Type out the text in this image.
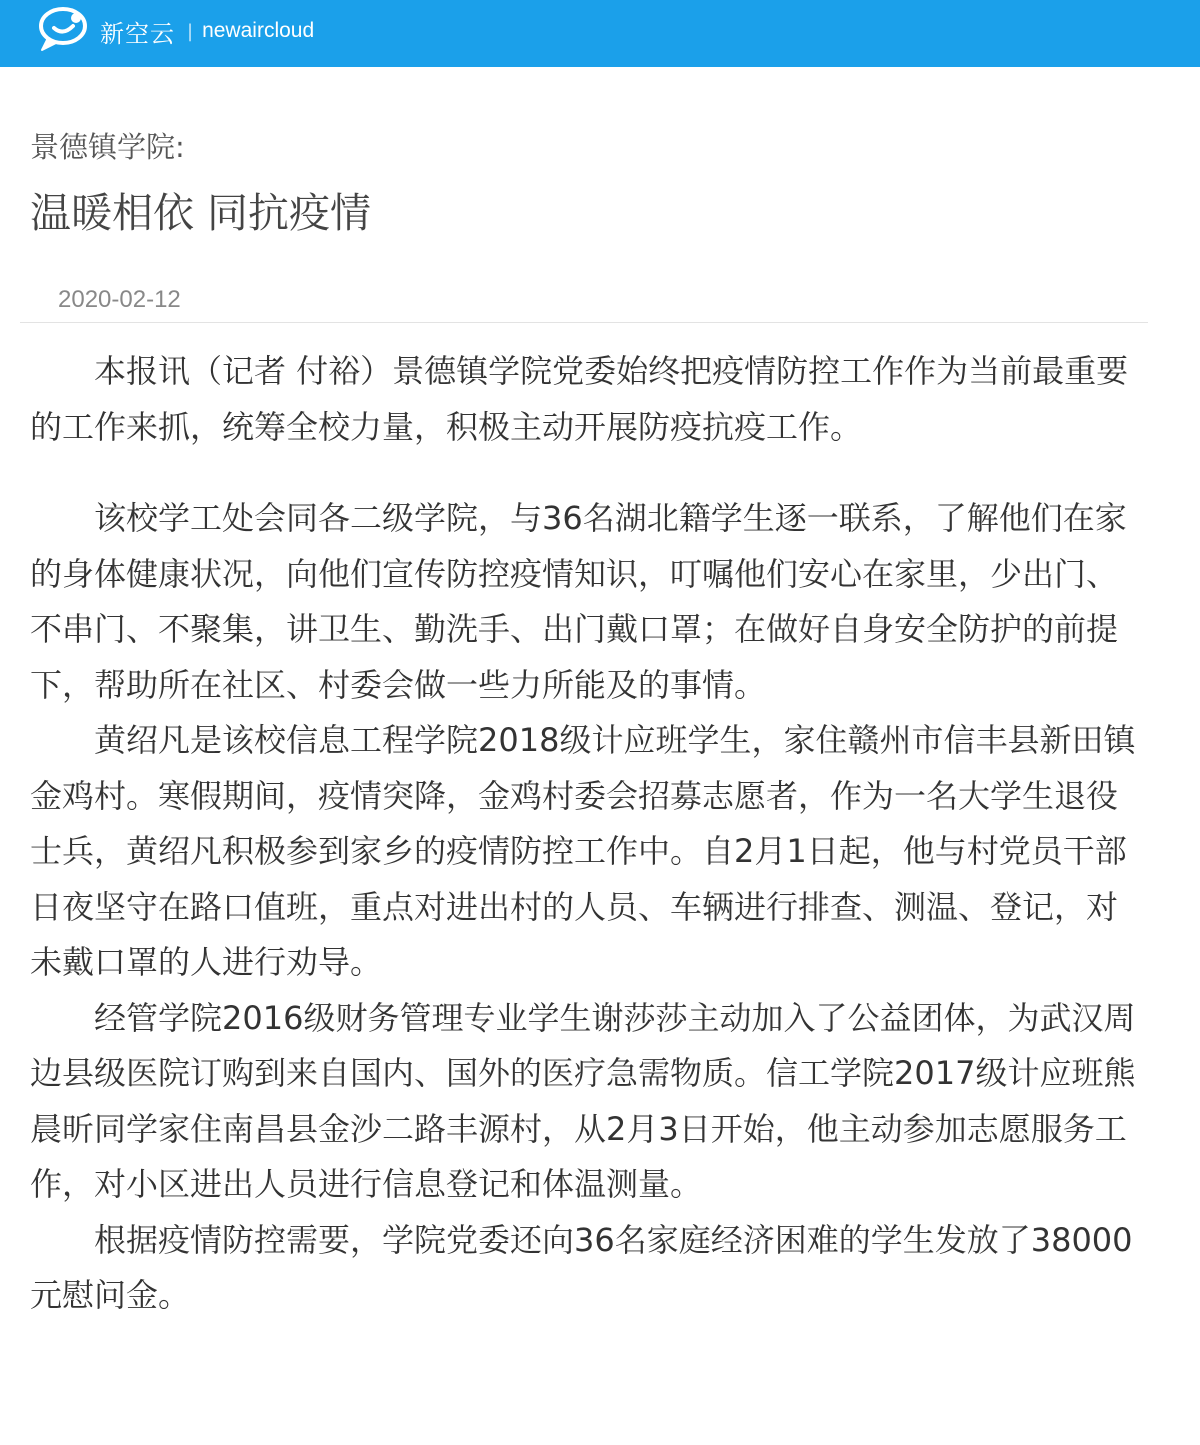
新空云 | newaircloud
景德镇学院:
温暖相依 同抗疫情
2020-02-12

本报讯（记者 付裕）景德镇学院党委始终把疫情防控工作作为当前最重要的工作来抓，统筹全校力量，积极主动开展防疫抗疫工作。

该校学工处会同各二级学院，与36名湖北籍学生逐一联系，了解他们在家的身体健康状况，向他们宣传防控疫情知识，叮嘱他们安心在家里，少出门、不串门、不聚集，讲卫生、勤洗手、出门戴口罩；在做好自身安全防护的前提下，帮助所在社区、村委会做一些力所能及的事情。

黄绍凡是该校信息工程学院2018级计应班学生，家住赣州市信丰县新田镇金鸡村。寒假期间，疫情突降，金鸡村委会招募志愿者，作为一名大学生退役士兵，黄绍凡积极参到家乡的疫情防控工作中。自2月1日起，他与村党员干部日夜坚守在路口值班，重点对进出村的人员、车辆进行排查、测温、登记，对未戴口罩的人进行劝导。

经管学院2016级财务管理专业学生谢莎莎主动加入了公益团体，为武汉周边县级医院订购到来自国内、国外的医疗急需物质。信工学院2017级计应班熊晨昕同学家住南昌县金沙二路丰源村，从2月3日开始，他主动参加志愿服务工作，对小区进出人员进行信息登记和体温测量。

根据疫情防控需要，学院党委还向36名家庭经济困难的学生发放了38000元慰问金。
